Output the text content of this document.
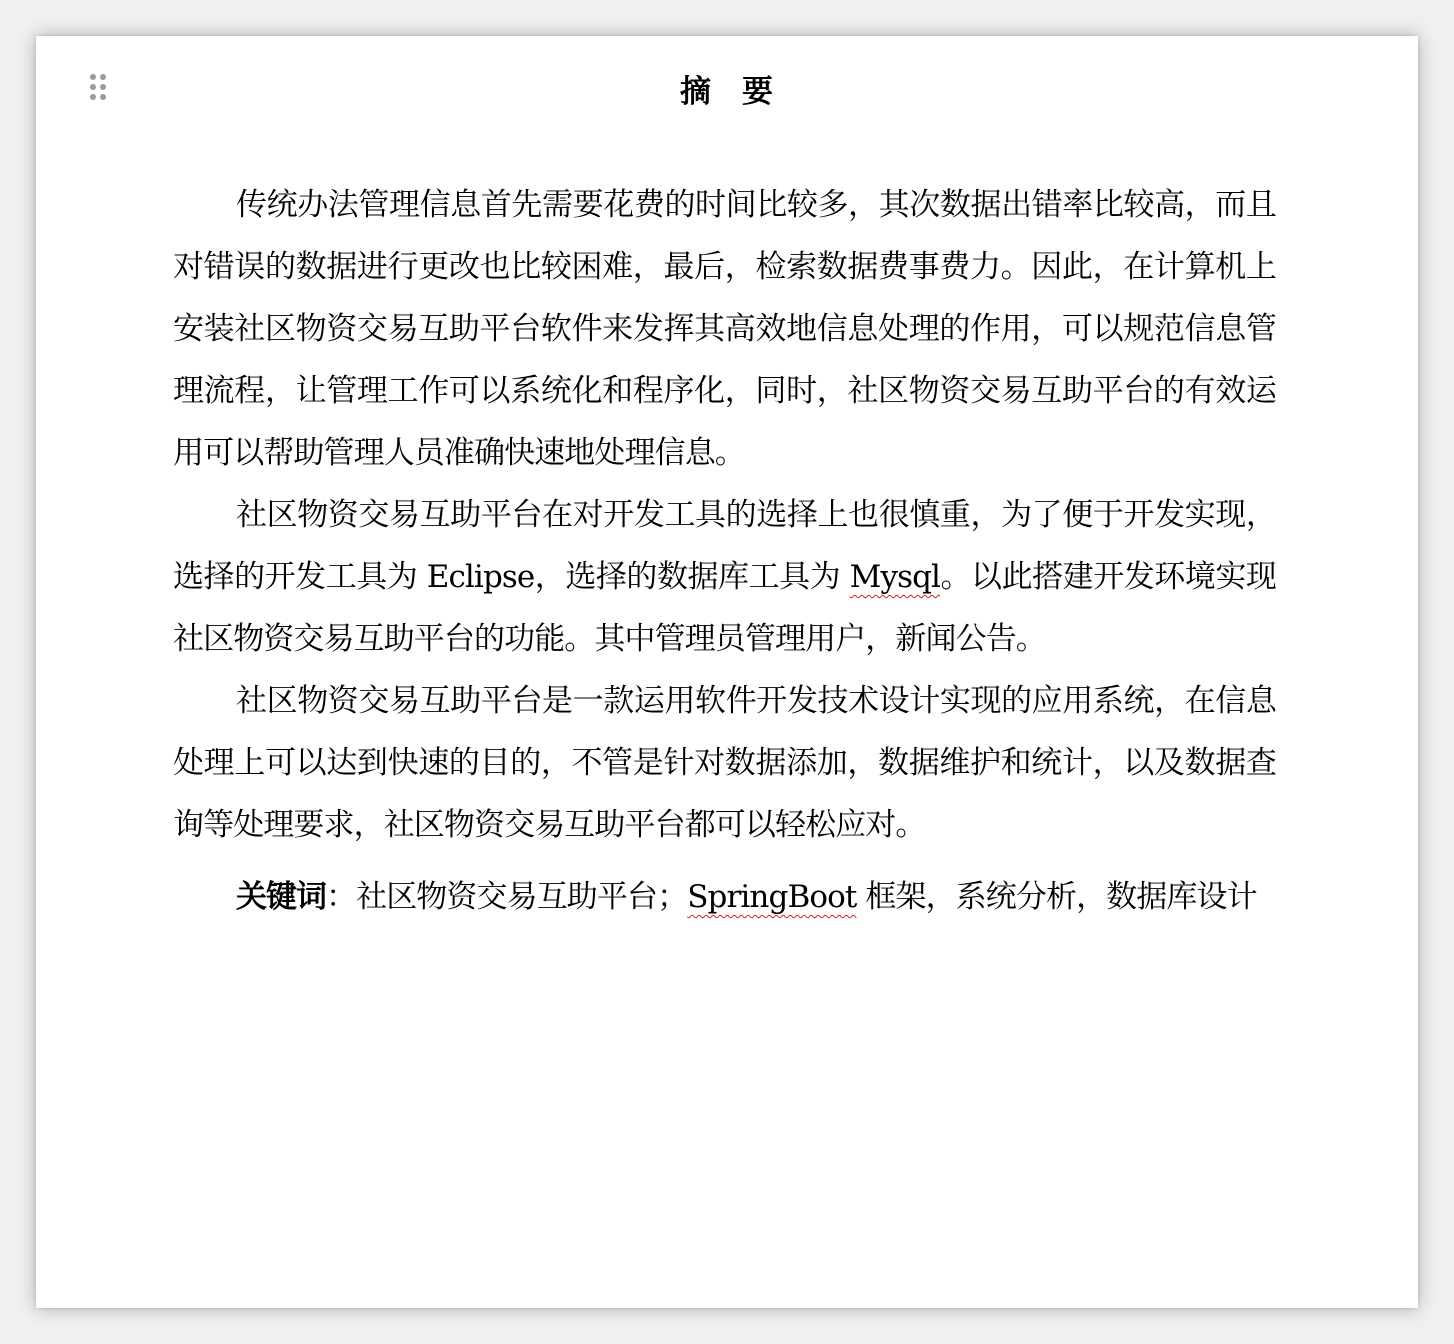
摘 要

传统办法管理信息首先需要花费的时间比较多，其次数据出错率比较高，而且对错误的数据进行更改也比较困难，最后，检索数据费事费力。因此，在计算机上安装社区物资交易互助平台软件来发挥其高效地信息处理的作用，可以规范信息管理流程，让管理工作可以系统化和程序化，同时，社区物资交易互助平台的有效运用可以帮助管理人员准确快速地处理信息。

社区物资交易互助平台在对开发工具的选择上也很慎重，为了便于开发实现，选择的开发工具为 Eclipse，选择的数据库工具为 Mysql。以此搭建开发环境实现社区物资交易互助平台的功能。其中管理员管理用户，新闻公告。

社区物资交易互助平台是一款运用软件开发技术设计实现的应用系统，在信息处理上可以达到快速的目的，不管是针对数据添加，数据维护和统计，以及数据查询等处理要求，社区物资交易互助平台都可以轻松应对。

关键词：社区物资交易互助平台；SpringBoot 框架，系统分析，数据库设计
